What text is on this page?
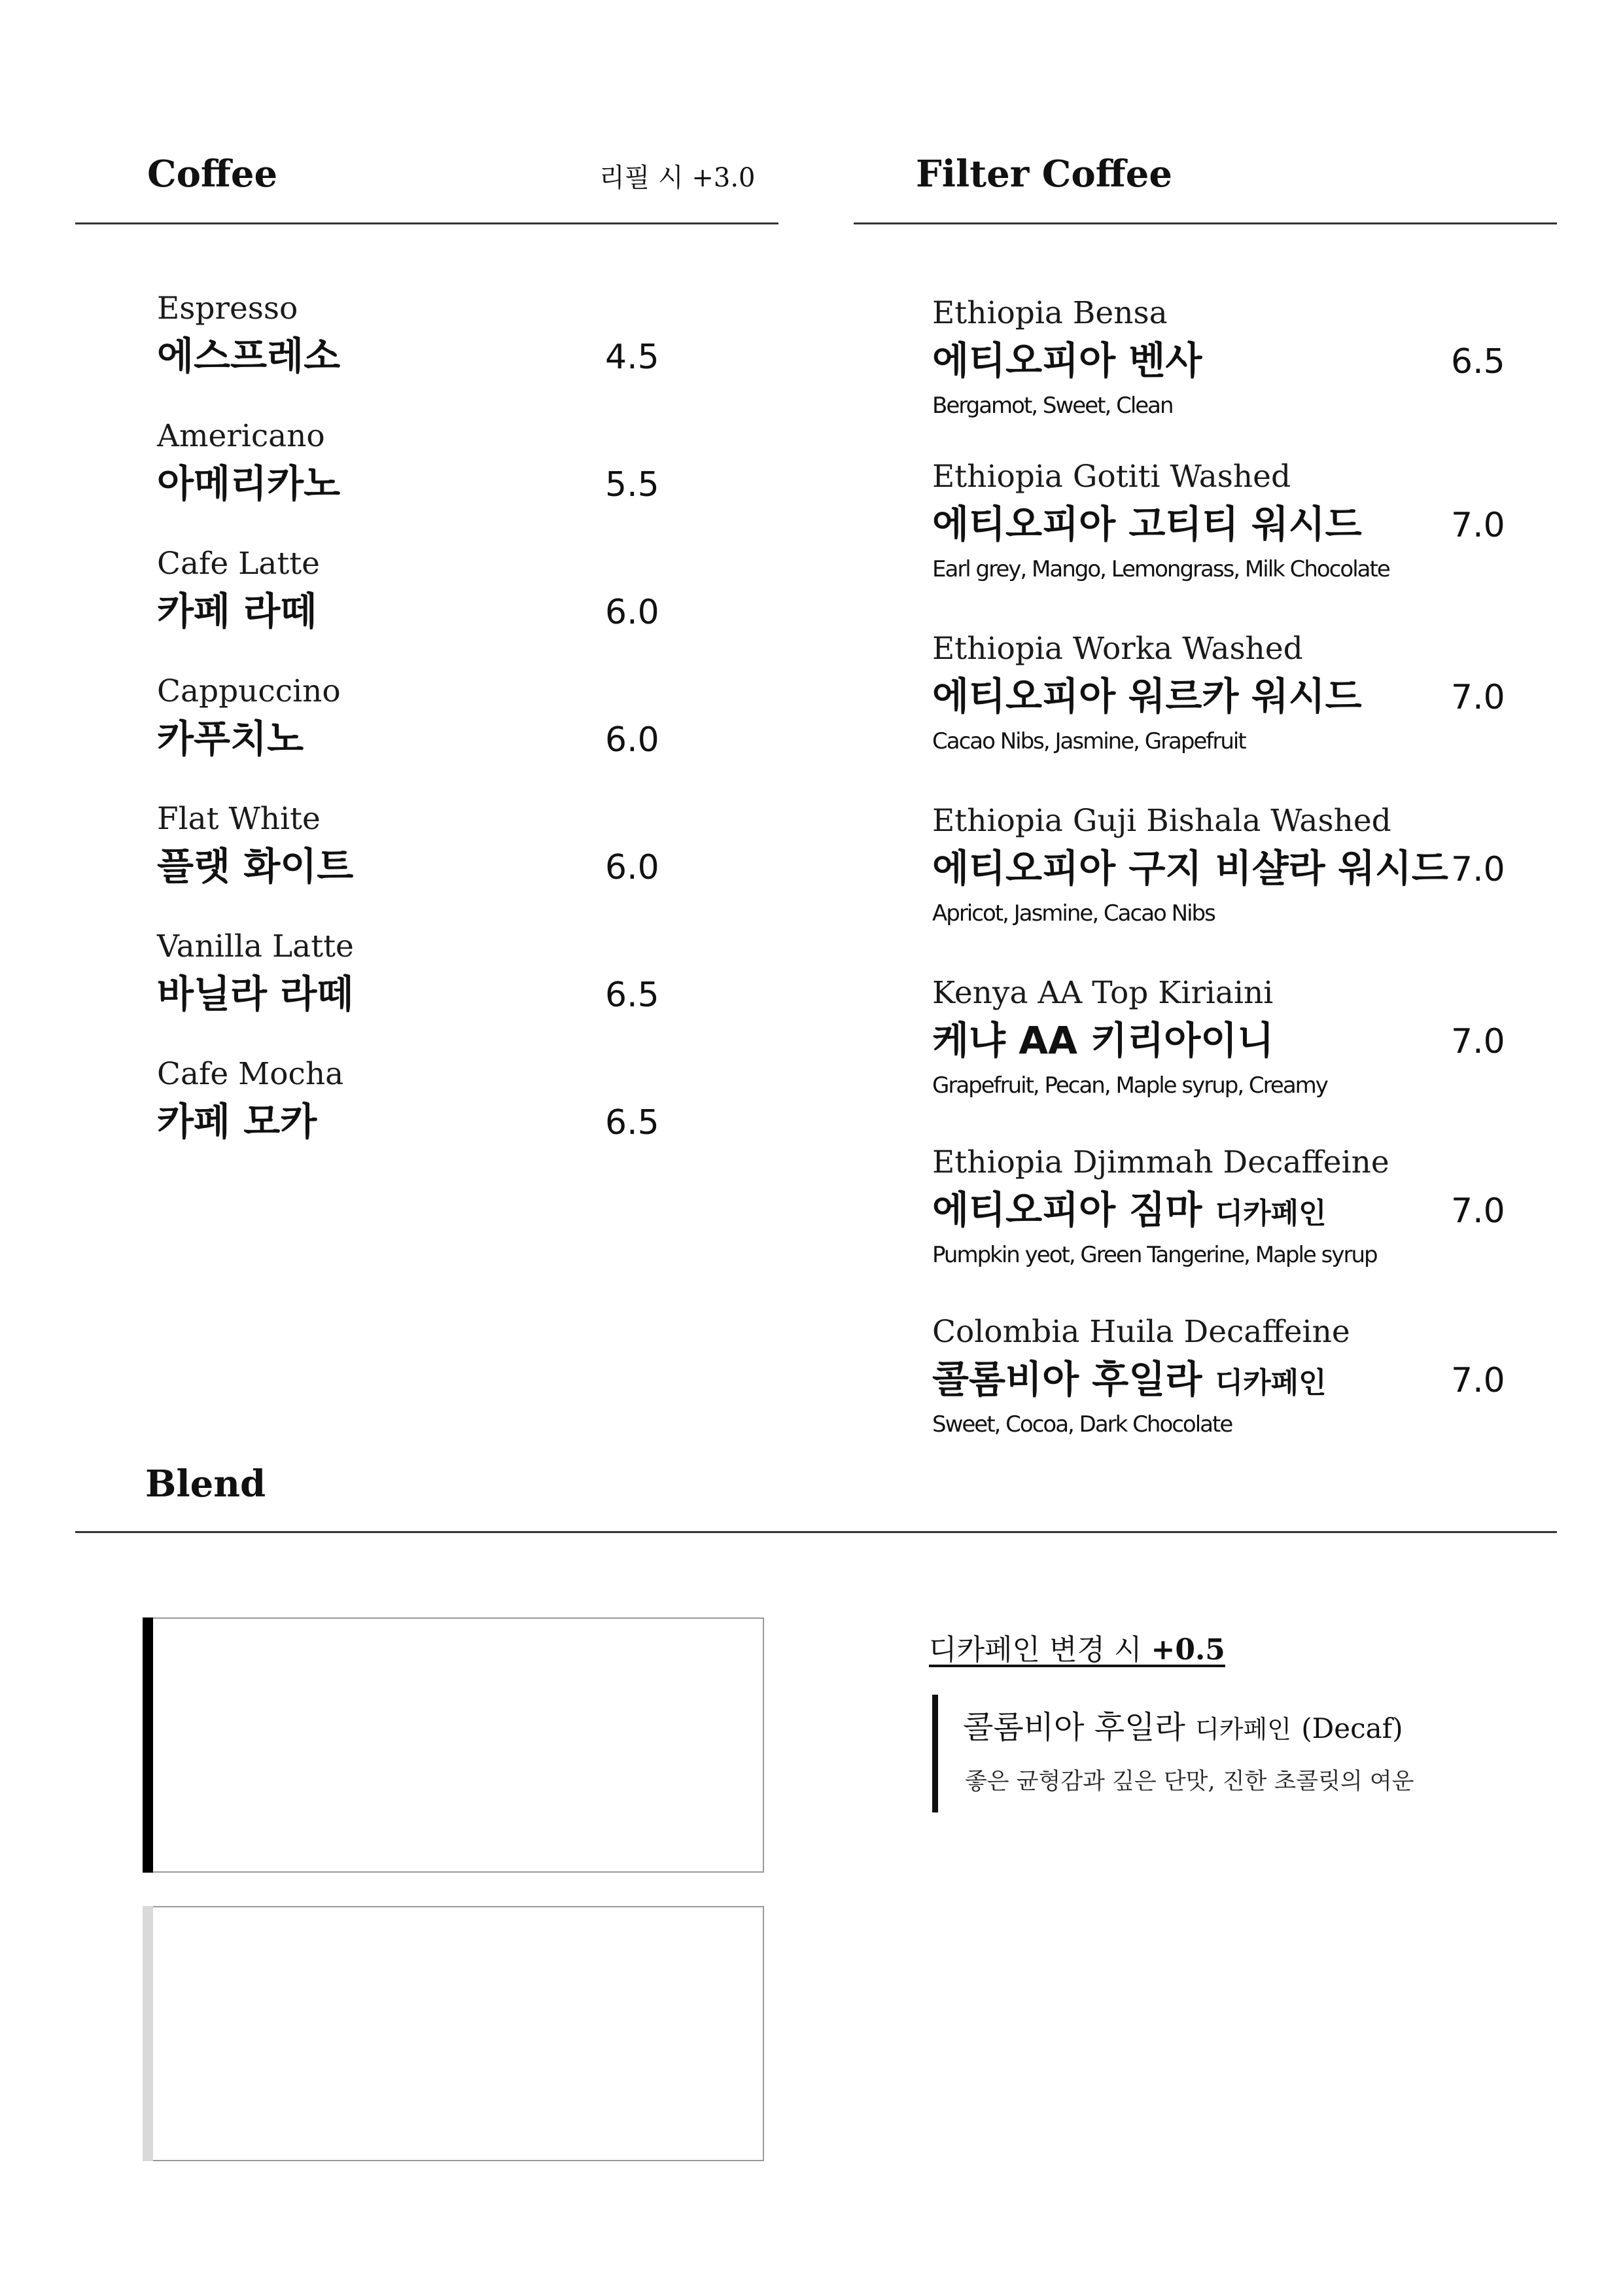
Coffee	리필 시 +3.0	Filter Coffee
Espresso
에스프레소	4.5
Americano
아메리카노	5.5
Cafe Latte
카페 라떼	6.0
Cappuccino
카푸치노	6.0
Flat White
플랫 화이트	6.0
Vanilla Latte
바닐라 라떼	6.5
Cafe Mocha
카페 모카	6.5
Ethiopia Bensa
에티오피아 벤사	6.5
Bergamot, Sweet, Clean
Ethiopia Gotiti Washed
에티오피아 고티티 워시드	7.0
Earl grey, Mango, Lemongrass, Milk Chocolate
Ethiopia Worka Washed
에티오피아 워르카 워시드	7.0
Cacao Nibs, Jasmine, Grapefruit
Ethiopia Guji Bishala Washed
에티오피아 구지 비샬라 워시드 7.0
Apricot, Jasmine, Cacao Nibs
Kenya AA Top Kiriaini
케냐 AA 키리아이니	7.0
Grapefruit, Pecan, Maple syrup, Creamy
Ethiopia Djimmah Decaffeine
에티오피아 짐마 디카페인	7.0
Pumpkin yeot, Green Tangerine, Maple syrup
Colombia Huila Decaffeine
콜롬비아 후일라 디카페인	7.0
Sweet, Cocoa, Dark Chocolate
Blend
디카페인 변경 시 +0.5
콜롬비아 후일라 디카페인 (Decaf)
좋은 균형감과 깊은 단맛, 진한 초콜릿의 여운
